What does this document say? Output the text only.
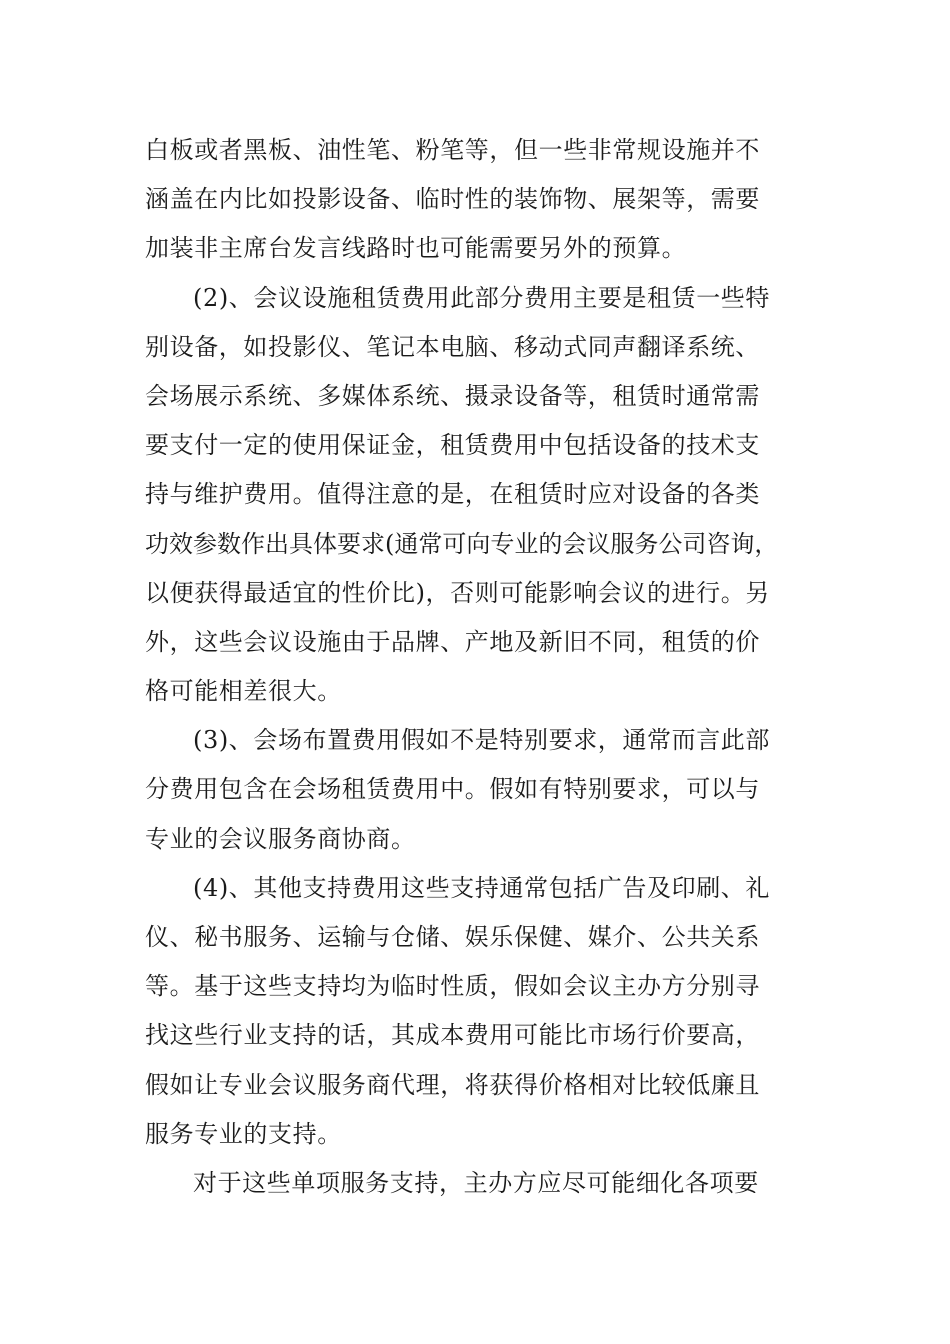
白板或者黑板、油性笔、粉笔等，但一些非常规设施并不
涵盖在内比如投影设备、临时性的装饰物、展架等，需要
加装非主席台发言线路时也可能需要另外的预算。
(2)、会议设施租赁费用此部分费用主要是租赁一些特
别设备，如投影仪、笔记本电脑、移动式同声翻译系统、
会场展示系统、多媒体系统、摄录设备等，租赁时通常需
要支付一定的使用保证金，租赁费用中包括设备的技术支
持与维护费用。值得注意的是，在租赁时应对设备的各类
功效参数作出具体要求(通常可向专业的会议服务公司咨询，
以便获得最适宜的性价比)，否则可能影响会议的进行。另
外，这些会议设施由于品牌、产地及新旧不同，租赁的价
格可能相差很大。
(3)、会场布置费用假如不是特别要求，通常而言此部
分费用包含在会场租赁费用中。假如有特别要求，可以与
专业的会议服务商协商。
(4)、其他支持费用这些支持通常包括广告及印刷、礼
仪、秘书服务、运输与仓储、娱乐保健、媒介、公共关系
等。基于这些支持均为临时性质，假如会议主办方分别寻
找这些行业支持的话，其成本费用可能比市场行价要高，
假如让专业会议服务商代理，将获得价格相对比较低廉且
服务专业的支持。
对于这些单项服务支持，主办方应尽可能细化各项要
